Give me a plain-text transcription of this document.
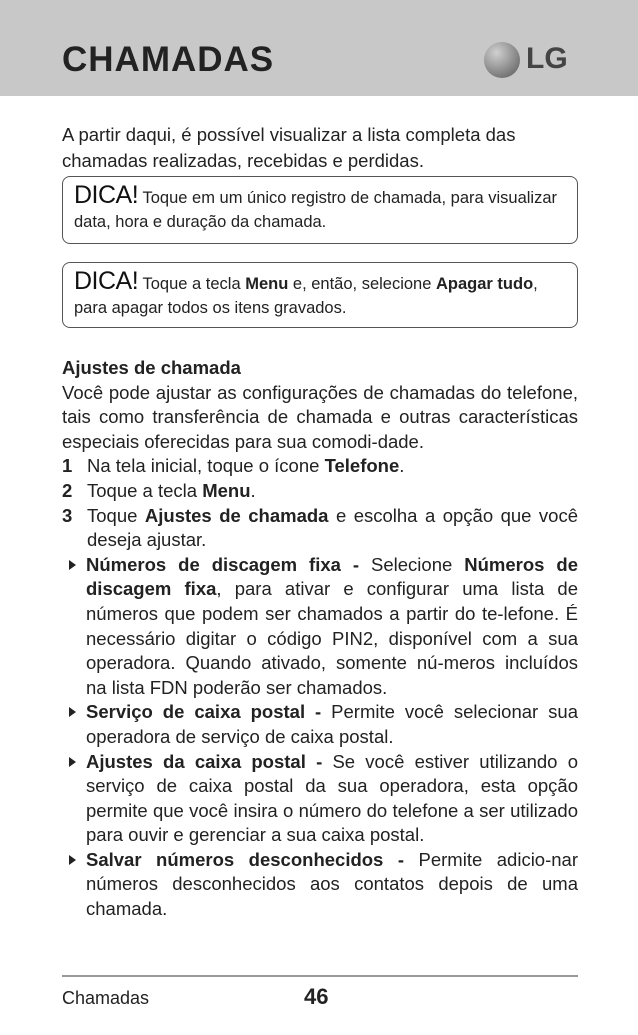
CHAMADAS	LG
A partir daqui, é possível visualizar a lista completa das chamadas realizadas, recebidas e perdidas.
DICA! Toque em um único registro de chamada, para visualizar data, hora e duração da chamada.
DICA! Toque a tecla Menu e, então, selecione Apagar tudo, para apagar todos os itens gravados.
Ajustes de chamada
Você pode ajustar as configurações de chamadas do telefone, tais como transferência de chamada e outras características especiais oferecidas para sua comodi-dade.
1 Na tela inicial, toque o ícone Telefone.
2 Toque a tecla Menu.
3 Toque Ajustes de chamada e escolha a opção que você deseja ajustar.
Números de discagem fixa - Selecione Números de discagem fixa, para ativar e configurar uma lista de números que podem ser chamados a partir do te-lefone. É necessário digitar o código PIN2, disponível com a sua operadora. Quando ativado, somente nú-meros incluídos na lista FDN poderão ser chamados.
Serviço de caixa postal - Permite você selecionar sua operadora de serviço de caixa postal.
Ajustes da caixa postal - Se você estiver utilizando o serviço de caixa postal da sua operadora, esta opção permite que você insira o número do telefone a ser utilizado para ouvir e gerenciar a sua caixa postal.
Salvar números desconhecidos - Permite adicio-nar números desconhecidos aos contatos depois de uma chamada.
Chamadas	46
